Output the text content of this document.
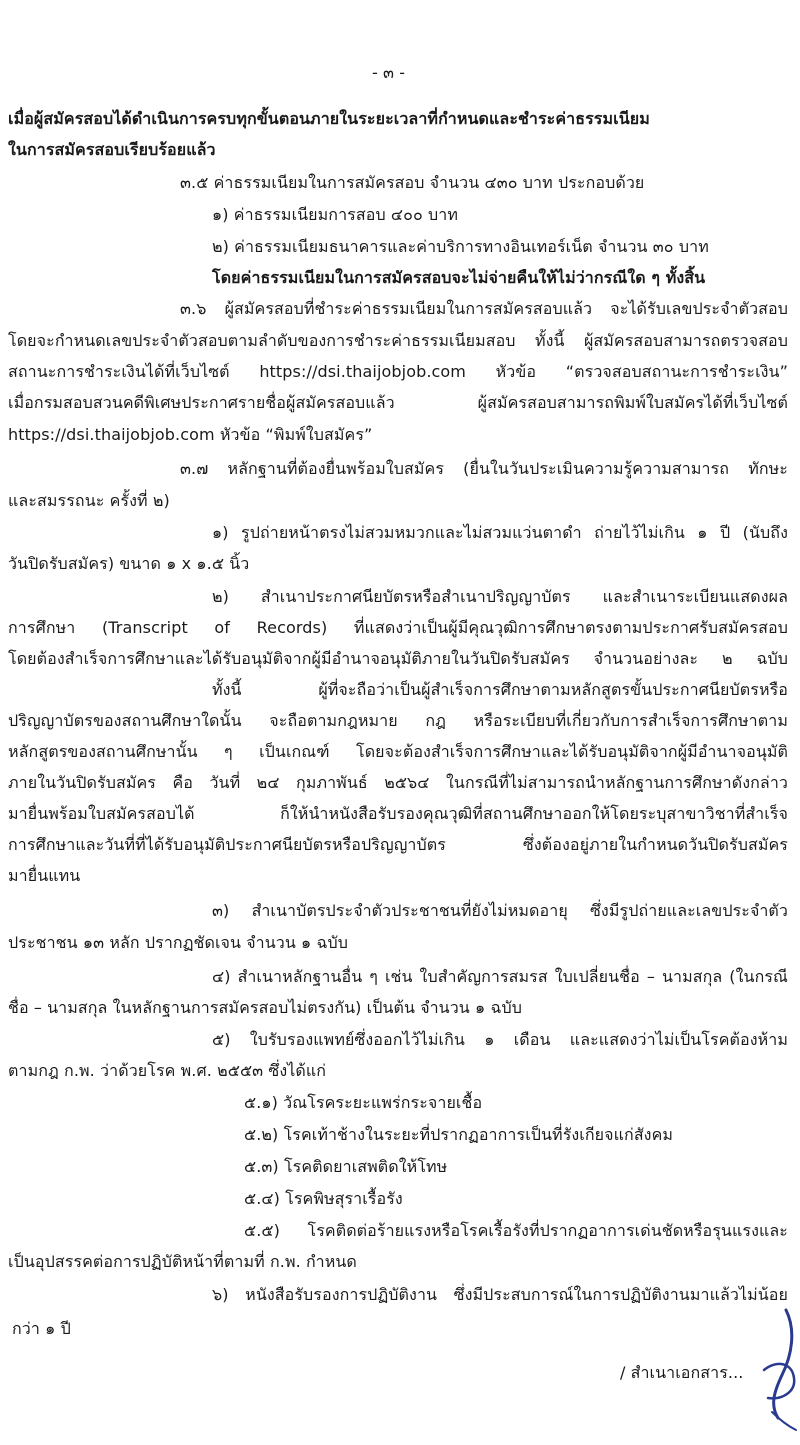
- ๓ -
เมื่อผู้สมัครสอบได้ดำเนินการครบทุกขั้นตอนภายในระยะเวลาที่กำหนดและชำระค่าธรรมเนียม
ในการสมัครสอบเรียบร้อยแล้ว
๓.๕ ค่าธรรมเนียมในการสมัครสอบ จำนวน ๔๓๐ บาท ประกอบด้วย
๑) ค่าธรรมเนียมการสอบ ๔๐๐ บาท
๒) ค่าธรรมเนียมธนาคารและค่าบริการทางอินเทอร์เน็ต จำนวน ๓๐ บาท
โดยค่าธรรมเนียมในการสมัครสอบจะไม่จ่ายคืนให้ไม่ว่ากรณีใด ๆ ทั้งสิ้น
๓.๖ ผู้สมัครสอบที่ชำระค่าธรรมเนียมในการสมัครสอบแล้ว จะได้รับเลขประจำตัวสอบ
โดยจะกำหนดเลขประจำตัวสอบตามลำดับของการชำระค่าธรรมเนียมสอบ ทั้งนี้ ผู้สมัครสอบสามารถตรวจสอบ
สถานะการชำระเงินได้ที่เว็บไซต์ https://dsi.thaijobjob.com หัวข้อ “ตรวจสอบสถานะการชำระเงิน”
เมื่อกรมสอบสวนคดีพิเศษประกาศรายชื่อผู้สมัครสอบแล้ว ผู้สมัครสอบสามารถพิมพ์ใบสมัครได้ที่เว็บไซต์
https://dsi.thaijobjob.com หัวข้อ “พิมพ์ใบสมัคร”
๓.๗ หลักฐานที่ต้องยื่นพร้อมใบสมัคร (ยื่นในวันประเมินความรู้ความสามารถ ทักษะ
และสมรรถนะ ครั้งที่ ๒)
๑) รูปถ่ายหน้าตรงไม่สวมหมวกและไม่สวมแว่นตาดำ ถ่ายไว้ไม่เกิน ๑ ปี (นับถึง
วันปิดรับสมัคร) ขนาด ๑ x ๑.๕ นิ้ว
๒) สำเนาประกาศนียบัตรหรือสำเนาปริญญาบัตร และสำเนาระเบียนแสดงผล
การศึกษา (Transcript of Records) ที่แสดงว่าเป็นผู้มีคุณวุฒิการศึกษาตรงตามประกาศรับสมัครสอบ
โดยต้องสำเร็จการศึกษาและได้รับอนุมัติจากผู้มีอำนาจอนุมัติภายในวันปิดรับสมัคร จำนวนอย่างละ ๒ ฉบับ
ทั้งนี้ ผู้ที่จะถือว่าเป็นผู้สำเร็จการศึกษาตามหลักสูตรขั้นประกาศนียบัตรหรือ
ปริญญาบัตรของสถานศึกษาใดนั้น จะถือตามกฎหมาย กฎ หรือระเบียบที่เกี่ยวกับการสำเร็จการศึกษาตาม
หลักสูตรของสถานศึกษานั้น ๆ เป็นเกณฑ์ โดยจะต้องสำเร็จการศึกษาและได้รับอนุมัติจากผู้มีอำนาจอนุมัติ
ภายในวันปิดรับสมัคร คือ วันที่ ๒๔ กุมภาพันธ์ ๒๕๖๔ ในกรณีที่ไม่สามารถนำหลักฐานการศึกษาดังกล่าว
มายื่นพร้อมใบสมัครสอบได้ ก็ให้นำหนังสือรับรองคุณวุฒิที่สถานศึกษาออกให้โดยระบุสาขาวิชาที่สำเร็จ
การศึกษาและวันที่ที่ได้รับอนุมัติประกาศนียบัตรหรือปริญญาบัตร ซึ่งต้องอยู่ภายในกำหนดวันปิดรับสมัคร
มายื่นแทน
๓) สำเนาบัตรประจำตัวประชาชนที่ยังไม่หมดอายุ ซึ่งมีรูปถ่ายและเลขประจำตัว
ประชาชน ๑๓ หลัก ปรากฏชัดเจน จำนวน ๑ ฉบับ
๔) สำเนาหลักฐานอื่น ๆ เช่น ใบสำคัญการสมรส ใบเปลี่ยนชื่อ – นามสกุล (ในกรณี
ชื่อ – นามสกุล ในหลักฐานการสมัครสอบไม่ตรงกัน) เป็นต้น จำนวน ๑ ฉบับ
๕) ใบรับรองแพทย์ซึ่งออกไว้ไม่เกิน ๑ เดือน และแสดงว่าไม่เป็นโรคต้องห้าม
ตามกฎ ก.พ. ว่าด้วยโรค พ.ศ. ๒๕๕๓ ซึ่งได้แก่
๕.๑) วัณโรคระยะแพร่กระจายเชื้อ
๕.๒) โรคเท้าช้างในระยะที่ปรากฏอาการเป็นที่รังเกียจแก่สังคม
๕.๓) โรคติดยาเสพติดให้โทษ
๕.๔) โรคพิษสุราเรื้อรัง
๕.๕) โรคติดต่อร้ายแรงหรือโรคเรื้อรังที่ปรากฏอาการเด่นชัดหรือรุนแรงและ
เป็นอุปสรรคต่อการปฏิบัติหน้าที่ตามที่ ก.พ. กำหนด
๖) หนังสือรับรองการปฏิบัติงาน ซึ่งมีประสบการณ์ในการปฏิบัติงานมาแล้วไม่น้อย
กว่า ๑ ปี
/ สำเนาเอกสาร...
